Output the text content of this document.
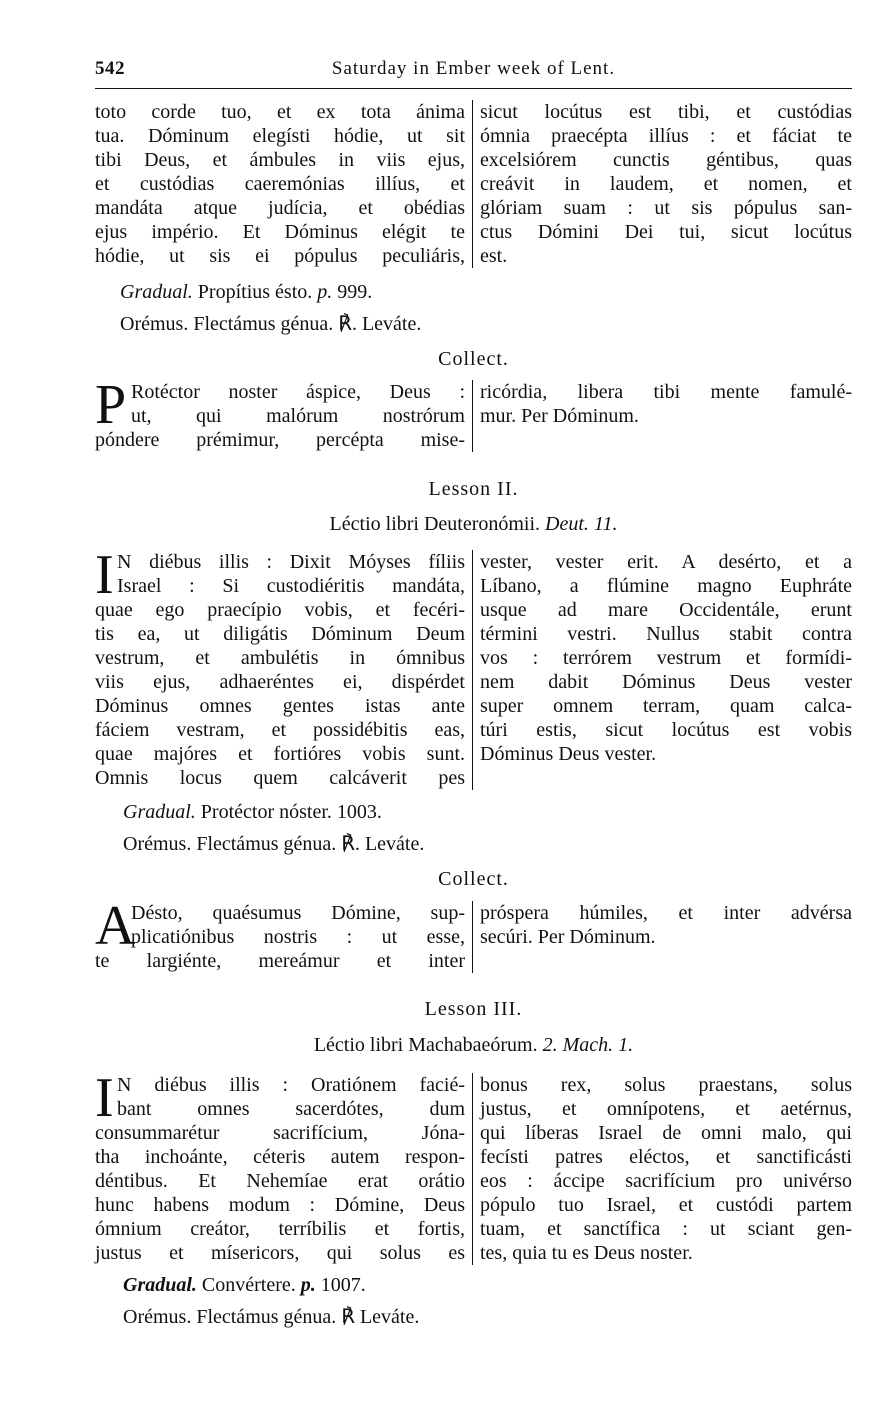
542	Saturday in Ember week of Lent.
toto corde tuo, et ex tota ánima
tua. Dóminum elegísti hódie, ut sit
tibi Deus, et ámbules in viis ejus,
et custódias caeremónias illíus, et
mandáta atque judícia, et obédias
ejus império. Et Dóminus elégit te
hódie, ut sis ei pópulus peculiáris,
sicut locútus est tibi, et custódias
ómnia praecépta illíus : et fáciat te
excelsiórem cunctis géntibus, quas
creávit in laudem, et nomen, et
glóriam suam : ut sis pópulus san-
ctus Dómini Dei tui, sicut locútus
est.
Gradual. Propítius ésto. p. 999.
Orémus. Flectámus génua. ℟. Leváte.
Collect.
P Rotéctor noster áspice, Deus :
ut, qui malórum nostrórum
póndere prémimur, percépta mise-
ricórdia, libera tibi mente famulé-
mur. Per Dóminum.
Lesson II.
Léctio libri Deuteronómii. Deut. 11.
I N diébus illis : Dixit Móyses fíliis
Israel : Si custodiéritis mandáta,
quae ego praecípio vobis, et fecéri-
tis ea, ut diligátis Dóminum Deum
vestrum, et ambulétis in ómnibus
viis ejus, adhaeréntes ei, dispérdet
Dóminus omnes gentes istas ante
fáciem vestram, et possidébitis eas,
quae majóres et fortióres vobis sunt.
Omnis locus quem calcáverit pes
vester, vester erit. A desérto, et a
Líbano, a flúmine magno Euphráte
usque ad mare Occidentále, erunt
términi vestri. Nullus stabit contra
vos : terrórem vestrum et formídi-
nem dabit Dóminus Deus vester
super omnem terram, quam calca-
túri estis, sicut locútus est vobis
Dóminus Deus vester.
Gradual. Protéctor nóster. 1003.
Orémus. Flectámus génua. ℟. Leváte.
Collect.
A
Désto, quaésumus Dómine, sup-
plicatiónibus nostris : ut esse,
te largiénte, mereámur et inter
próspera húmiles, et inter advérsa
secúri. Per Dóminum.
Lesson III.
Léctio libri Machabaeórum. 2. Mach. 1.
I N diébus illis : Oratiónem facié-
bant omnes sacerdótes, dum
consummarétur sacrifícium, Jóna-
tha inchoánte, céteris autem respon-
déntibus. Et Nehemíae erat orátio
hunc habens modum : Dómine, Deus
ómnium creátor, terríbilis et fortis,
justus et mísericors, qui solus es
bonus rex, solus praestans, solus
justus, et omnípotens, et aetérnus,
qui líberas Israel de omni malo, qui
fecísti patres eléctos, et sanctificásti
eos : áccipe sacrifícium pro univérso
pópulo tuo Israel, et custódi partem
tuam, et sanctífica : ut sciant gen-
tes, quia tu es Deus noster.
Gradual. Convértere. p. 1007.
Orémus. Flectámus génua. ℟ Leváte.
